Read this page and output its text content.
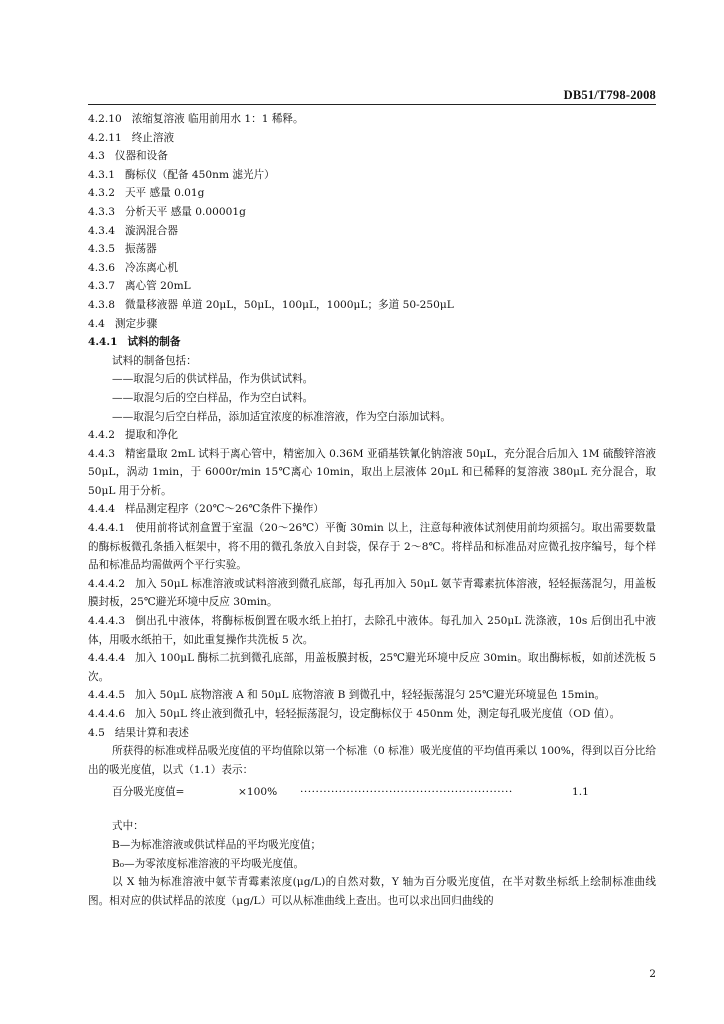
DB51/T798-2008
4.2.10 浓缩复溶液 临用前用水 1：1 稀释。
4.2.11 终止溶液
4.3 仪器和设备
4.3.1 酶标仪（配备 450nm 滤光片）
4.3.2 天平 感量 0.01g
4.3.3 分析天平 感量 0.00001g
4.3.4 漩涡混合器
4.3.5 振荡器
4.3.6 冷冻离心机
4.3.7 离心管 20mL
4.3.8 微量移液器 单道 20μL，50μL，100μL，1000μL；多道 50-250μL
4.4 测定步骤
4.4.1 试料的制备
试料的制备包括：
——取混匀后的供试样品，作为供试试料。
——取混匀后的空白样品，作为空白试料。
——取混匀后空白样品，添加适宜浓度的标准溶液，作为空白添加试料。
4.4.2 提取和净化
4.4.3 精密量取 2mL 试料于离心管中，精密加入 0.36M 亚硝基铁氰化钠溶液 50μL，充分混合后加入 1M 硫酸锌溶液 50μL，涡动 1min，于 6000r/min 15℃离心 10min，取出上层液体 20μL 和已稀释的复溶液 380μL 充分混合，取 50μL 用于分析。
4.4.4 样品测定程序（20℃～26℃条件下操作）
4.4.4.1 使用前将试剂盒置于室温（20～26℃）平衡 30min 以上，注意每种液体试剂使用前均须摇匀。取出需要数量的酶标板微孔条插入框架中，将不用的微孔条放入自封袋，保存于 2～8℃。将样品和标准品对应微孔按序编号，每个样品和标准品均需做两个平行实验。
4.4.4.2 加入 50μL 标准溶液或试料溶液到微孔底部，每孔再加入 50μL 氨苄青霉素抗体溶液，轻轻振荡混匀，用盖板膜封板，25℃避光环境中反应 30min。
4.4.4.3 倒出孔中液体，将酶标板倒置在吸水纸上拍打，去除孔中液体。每孔加入 250μL 洗涤液，10s 后倒出孔中液体，用吸水纸拍干，如此重复操作共洗板 5 次。
4.4.4.4 加入 100μL 酶标二抗到微孔底部，用盖板膜封板，25℃避光环境中反应 30min。取出酶标板，如前述洗板 5 次。
4.4.4.5 加入 50μL 底物溶液 A 和 50μL 底物溶液 B 到微孔中，轻轻振荡混匀 25℃避光环境显色 15min。
4.4.4.6 加入 50μL 终止液到微孔中，轻轻振荡混匀，设定酶标仪于 450nm 处，测定每孔吸光度值（OD 值）。
4.5 结果计算和表述
所获得的标准或样品吸光度值的平均值除以第一个标准（0 标准）吸光度值的平均值再乘以 100%，得到以百分比给出的吸光度值，以式（1.1）表示：
百分吸光度值=	×100% ·······················································	1.1
式中：
B—为标准溶液或供试样品的平均吸光度值；
B₀—为零浓度标准溶液的平均吸光度值。
以 X 轴为标准溶液中氨苄青霉素浓度(μg/L)的自然对数，Y 轴为百分吸光度值，在半对数坐标纸上绘制标准曲线图。相对应的供试样品的浓度（μg/L）可以从标准曲线上查出。也可以求出回归曲线的
2
